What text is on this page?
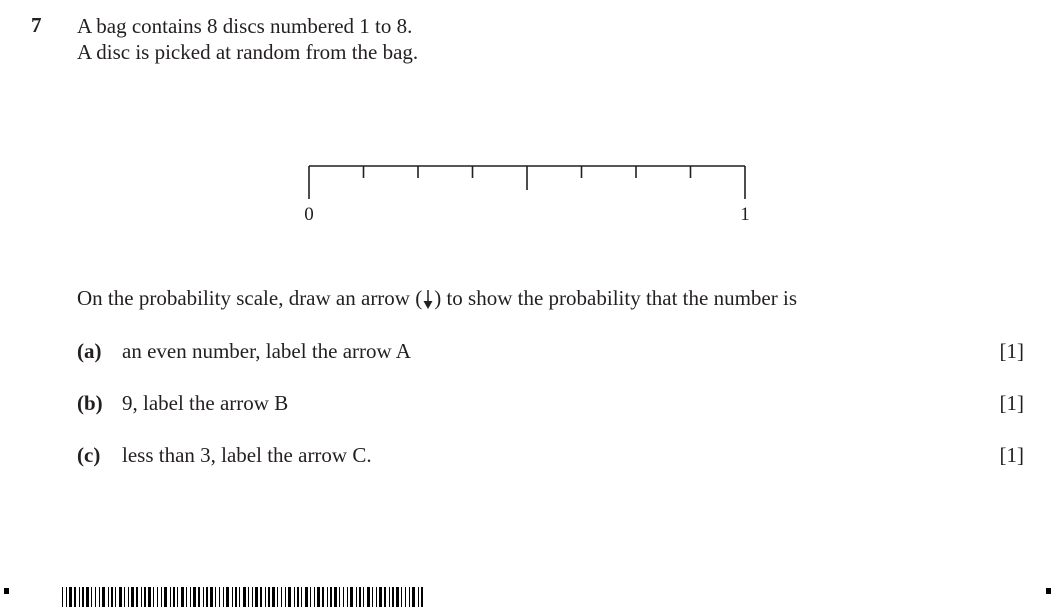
7 A bag contains 8 discs numbered 1 to 8.
A disc is picked at random from the bag.
0	1
On the probability scale, draw an arrow ( ) to show the probability that the number is
(a) an even number, label the arrow A	[1]
(b) 9, label the arrow B	[1]
(c) less than 3, label the arrow C.	[1]
